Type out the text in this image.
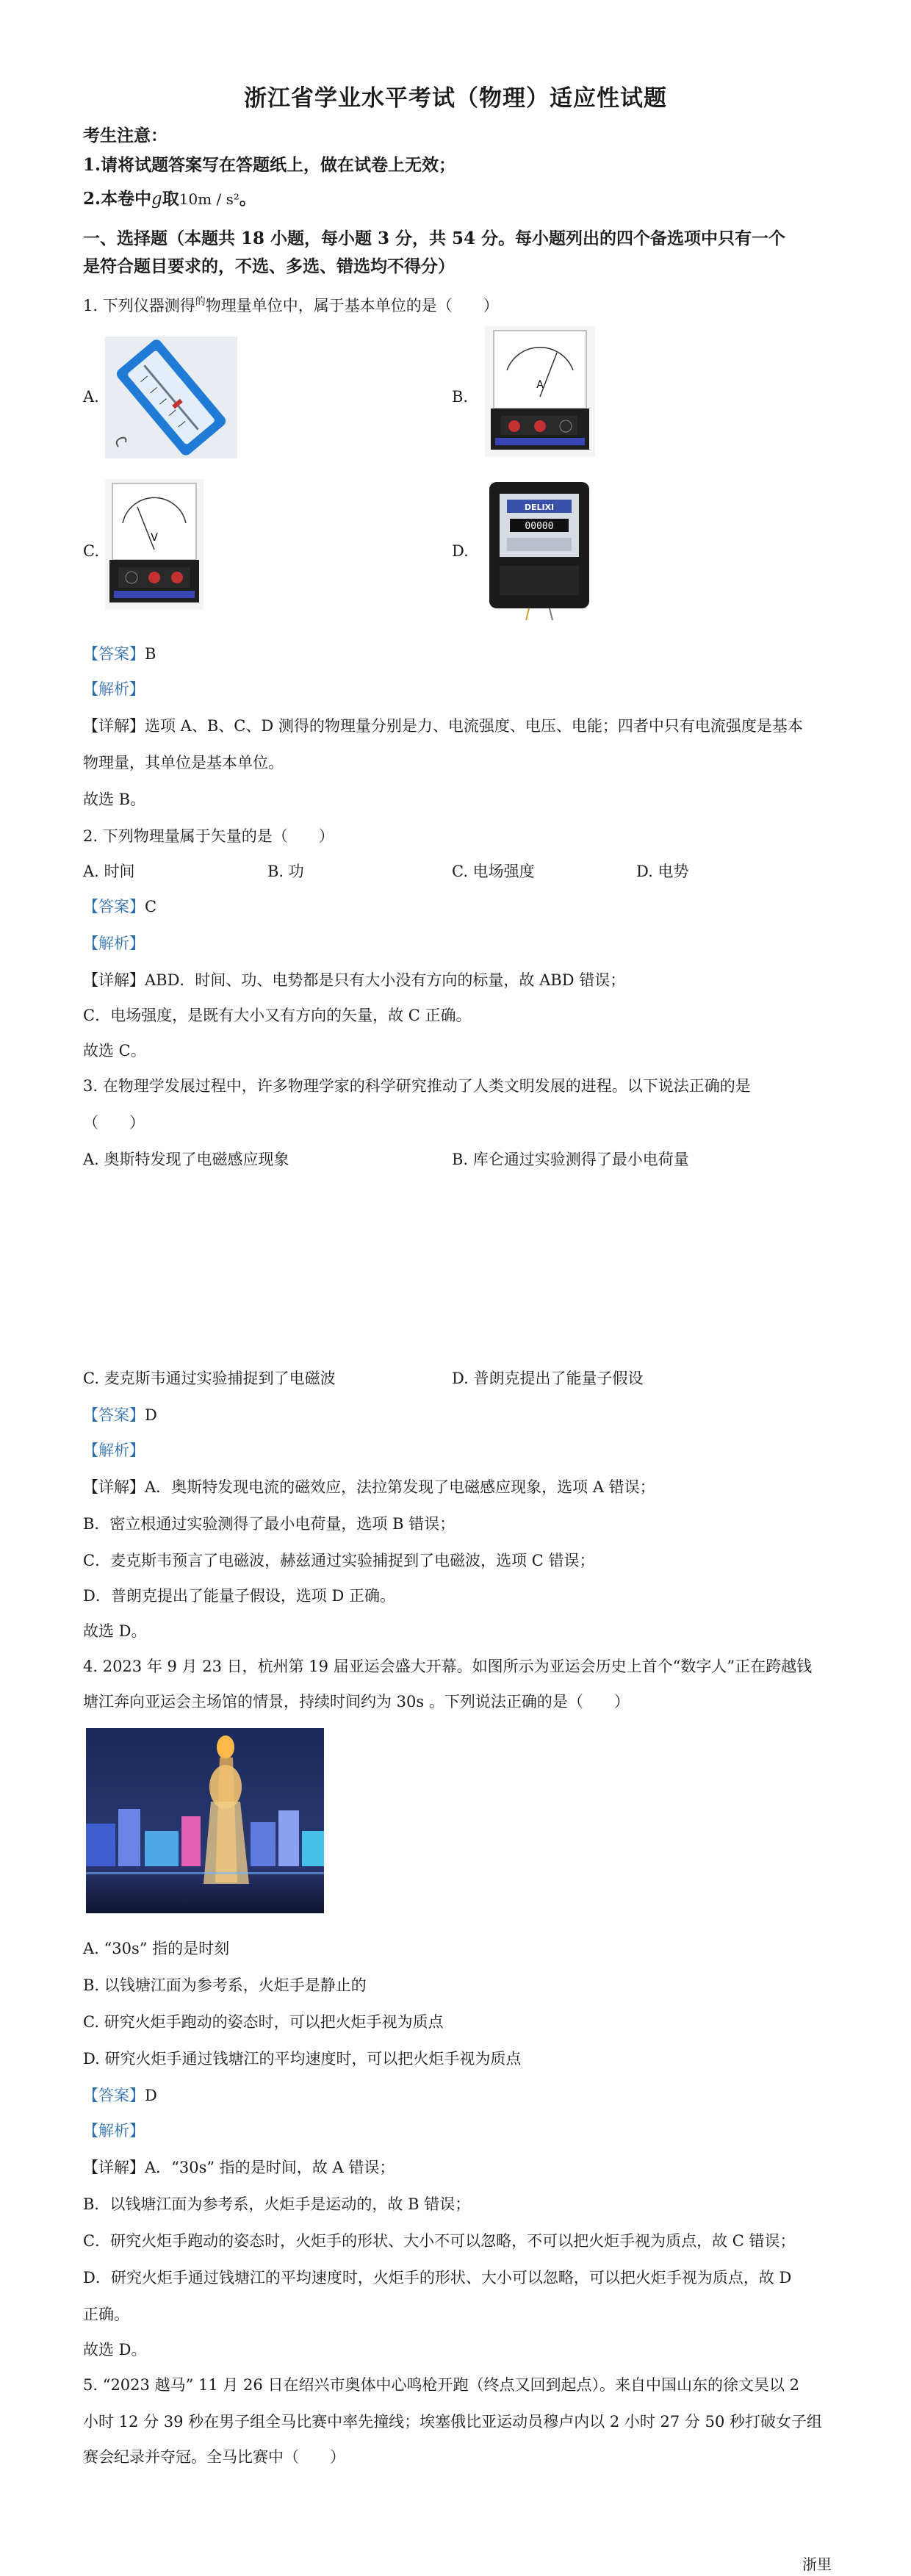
浙江省学业水平考试（物理）适应性试题
考生注意：
1.请将试题答案写在答题纸上，做在试卷上无效；
2.本卷中g取10m / s²。
一、选择题（本题共 18 小题，每小题 3 分，共 54 分。每小题列出的四个备选项中只有一个
是符合题目要求的，不选、多选、错选均不得分）
1. 下列仪器测得$^的$物理量单位中，属于基本单位的是（　　）
A.	B.
A
C.
V
D.
DELIXI
00000
【答案】B
【解析】
【详解】选项 A、B、C、D 测得的物理量分别是力、电流强度、电压、电能；四者中只有电流强度是基本
物理量，其单位是基本单位。
故选 B。
2. 下列物理量属于矢量的是（　　）
A. 时间	B. 功	C. 电场强度	D. 电势
【答案】C
【解析】
【详解】ABD．时间、功、电势都是只有大小没有方向的标量，故 ABD 错误；
C．电场强度，是既有大小又有方向的矢量，故 C 正确。
故选 C。
3. 在物理学发展过程中，许多物理学家的科学研究推动了人类文明发展的进程。以下说法正确的是
（　　）
A. 奥斯特发现了电磁感应现象	B. 库仑通过实验测得了最小电荷量
C. 麦克斯韦通过实验捕捉到了电磁波	D. 普朗克提出了能量子假设
【答案】D
【解析】
【详解】A．奥斯特发现电流的磁效应，法拉第发现了电磁感应现象，选项 A 错误；
B．密立根通过实验测得了最小电荷量，选项 B 错误；
C．麦克斯韦预言了电磁波，赫兹通过实验捕捉到了电磁波，选项 C 错误；
D．普朗克提出了能量子假设，选项 D 正确。
故选 D。
4. 2023 年 9 月 23 日，杭州第 19 届亚运会盛大开幕。如图所示为亚运会历史上首个“数字人”正在跨越钱
塘江奔向亚运会主场馆的情景，持续时间约为 30s 。下列说法正确的是（　　）
A. “30s” 指的是时刻
B. 以钱塘江面为参考系，火炬手是静止的
C. 研究火炬手跑动的姿态时，可以把火炬手视为质点
D. 研究火炬手通过钱塘江的平均速度时，可以把火炬手视为质点
【答案】D
【解析】
【详解】A．“30s” 指的是时间，故 A 错误；
B．以钱塘江面为参考系，火炬手是运动的，故 B 错误；
C．研究火炬手跑动的姿态时，火炬手的形状、大小不可以忽略，不可以把火炬手视为质点，故 C 错误；
D．研究火炬手通过钱塘江的平均速度时，火炬手的形状、大小可以忽略，可以把火炬手视为质点，故 D
正确。
故选 D。
5. “2023 越马” 11 月 26 日在绍兴市奥体中心鸣枪开跑（终点又回到起点）。来自中国山东的徐文昊以 2
小时 12 分 39 秒在男子组全马比赛中率先撞线；埃塞俄比亚运动员穆卢内以 2 小时 27 分 50 秒打破女子组
赛会纪录并夺冠。全马比赛中（　　）
浙里
